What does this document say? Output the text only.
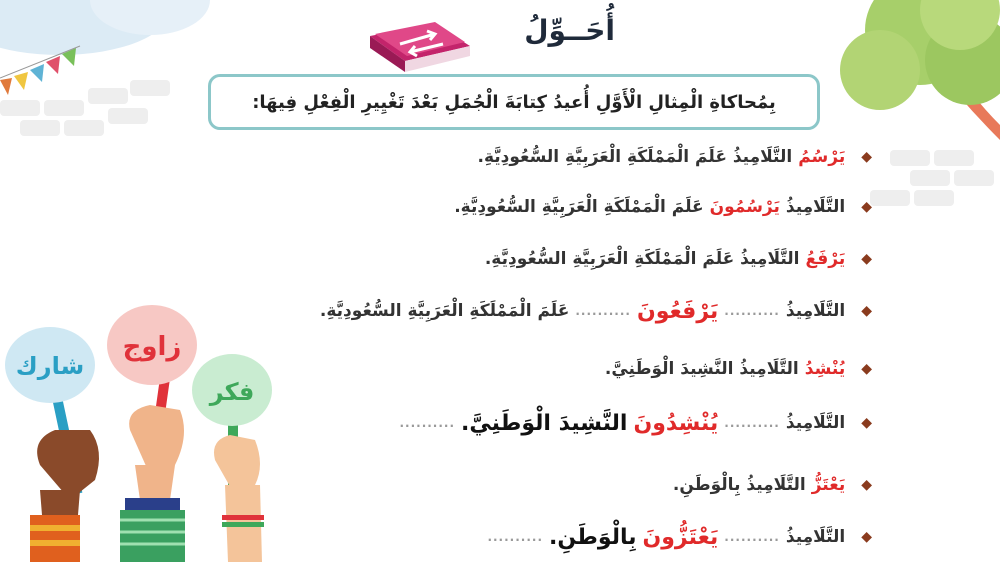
أُحَــوِّلُ
بِمُحاكاةِ الْمِثالِ الْأَوَّلِ أُعيدُ كِتابَةَ الْجُمَلِ بَعْدَ تَغْيِيرِ الْفِعْلِ فِيهَا:
◆
يَرْسُمُ
التَّلَامِيذُ عَلَمَ الْمَمْلَكَةِ الْعَرَبِيَّةِ السُّعُودِيَّةِ.
◆
التَّلَامِيذُ
يَرْسُمُونَ
عَلَمَ الْمَمْلَكَةِ الْعَرَبِيَّةِ السُّعُودِيَّةِ.
◆
يَرْفَعُ
التَّلَامِيذُ عَلَمَ الْمَمْلَكَةِ الْعَرَبِيَّةِ السُّعُودِيَّةِ.
◆
التَّلَامِيذُ
..........
يَرْفَعُونَ
..........
عَلَمَ الْمَمْلَكَةِ الْعَرَبِيَّةِ السُّعُودِيَّةِ.
◆
يُنْشِدُ
التَّلَامِيذُ النَّشِيدَ الْوَطَنِيَّ.
◆
التَّلَامِيذُ
..........
يُنْشِدُونَ
النَّشِيدَ الْوَطَنِيَّ.
..........
◆
يَعْتَزُّ
التَّلَامِيذُ بِالْوَطَنِ.
◆
التَّلَامِيذُ
..........
يَعْتَزُّونَ
بِالْوَطَنِ.
..........
شارك
زاوج
فكر
